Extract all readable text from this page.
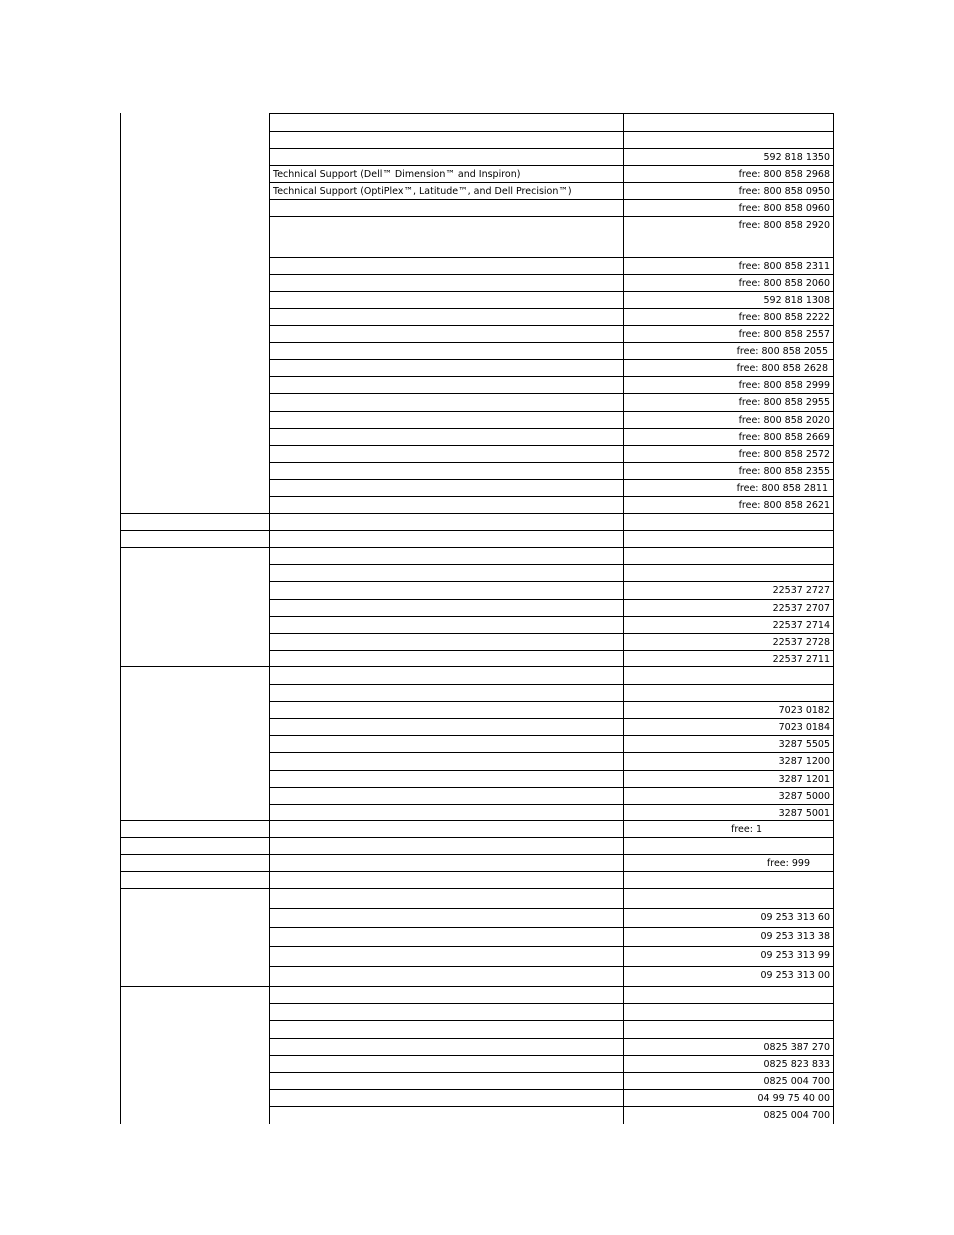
592 818 1350
Technical Support (Dell™ Dimension™ and Inspiron)	free: 800 858 2968
Technical Support (OptiPlex™, Latitude™, and Dell Precision™)	free: 800 858 0950
free: 800 858 0960
free: 800 858 2920
free: 800 858 2311
free: 800 858 2060
592 818 1308
free: 800 858 2222
free: 800 858 2557
free: 800 858 2055
free: 800 858 2628
free: 800 858 2999
free: 800 858 2955
free: 800 858 2020
free: 800 858 2669
free: 800 858 2572
free: 800 858 2355
free: 800 858 2811
free: 800 858 2621
22537 2727
22537 2707
22537 2714
22537 2728
22537 2711
7023 0182
7023 0184
3287 5505
3287 1200
3287 1201
3287 5000
3287 5001
free: 1
free: 999
09 253 313 60
09 253 313 38
09 253 313 99
09 253 313 00
0825 387 270
0825 823 833
0825 004 700
04 99 75 40 00
0825 004 700
